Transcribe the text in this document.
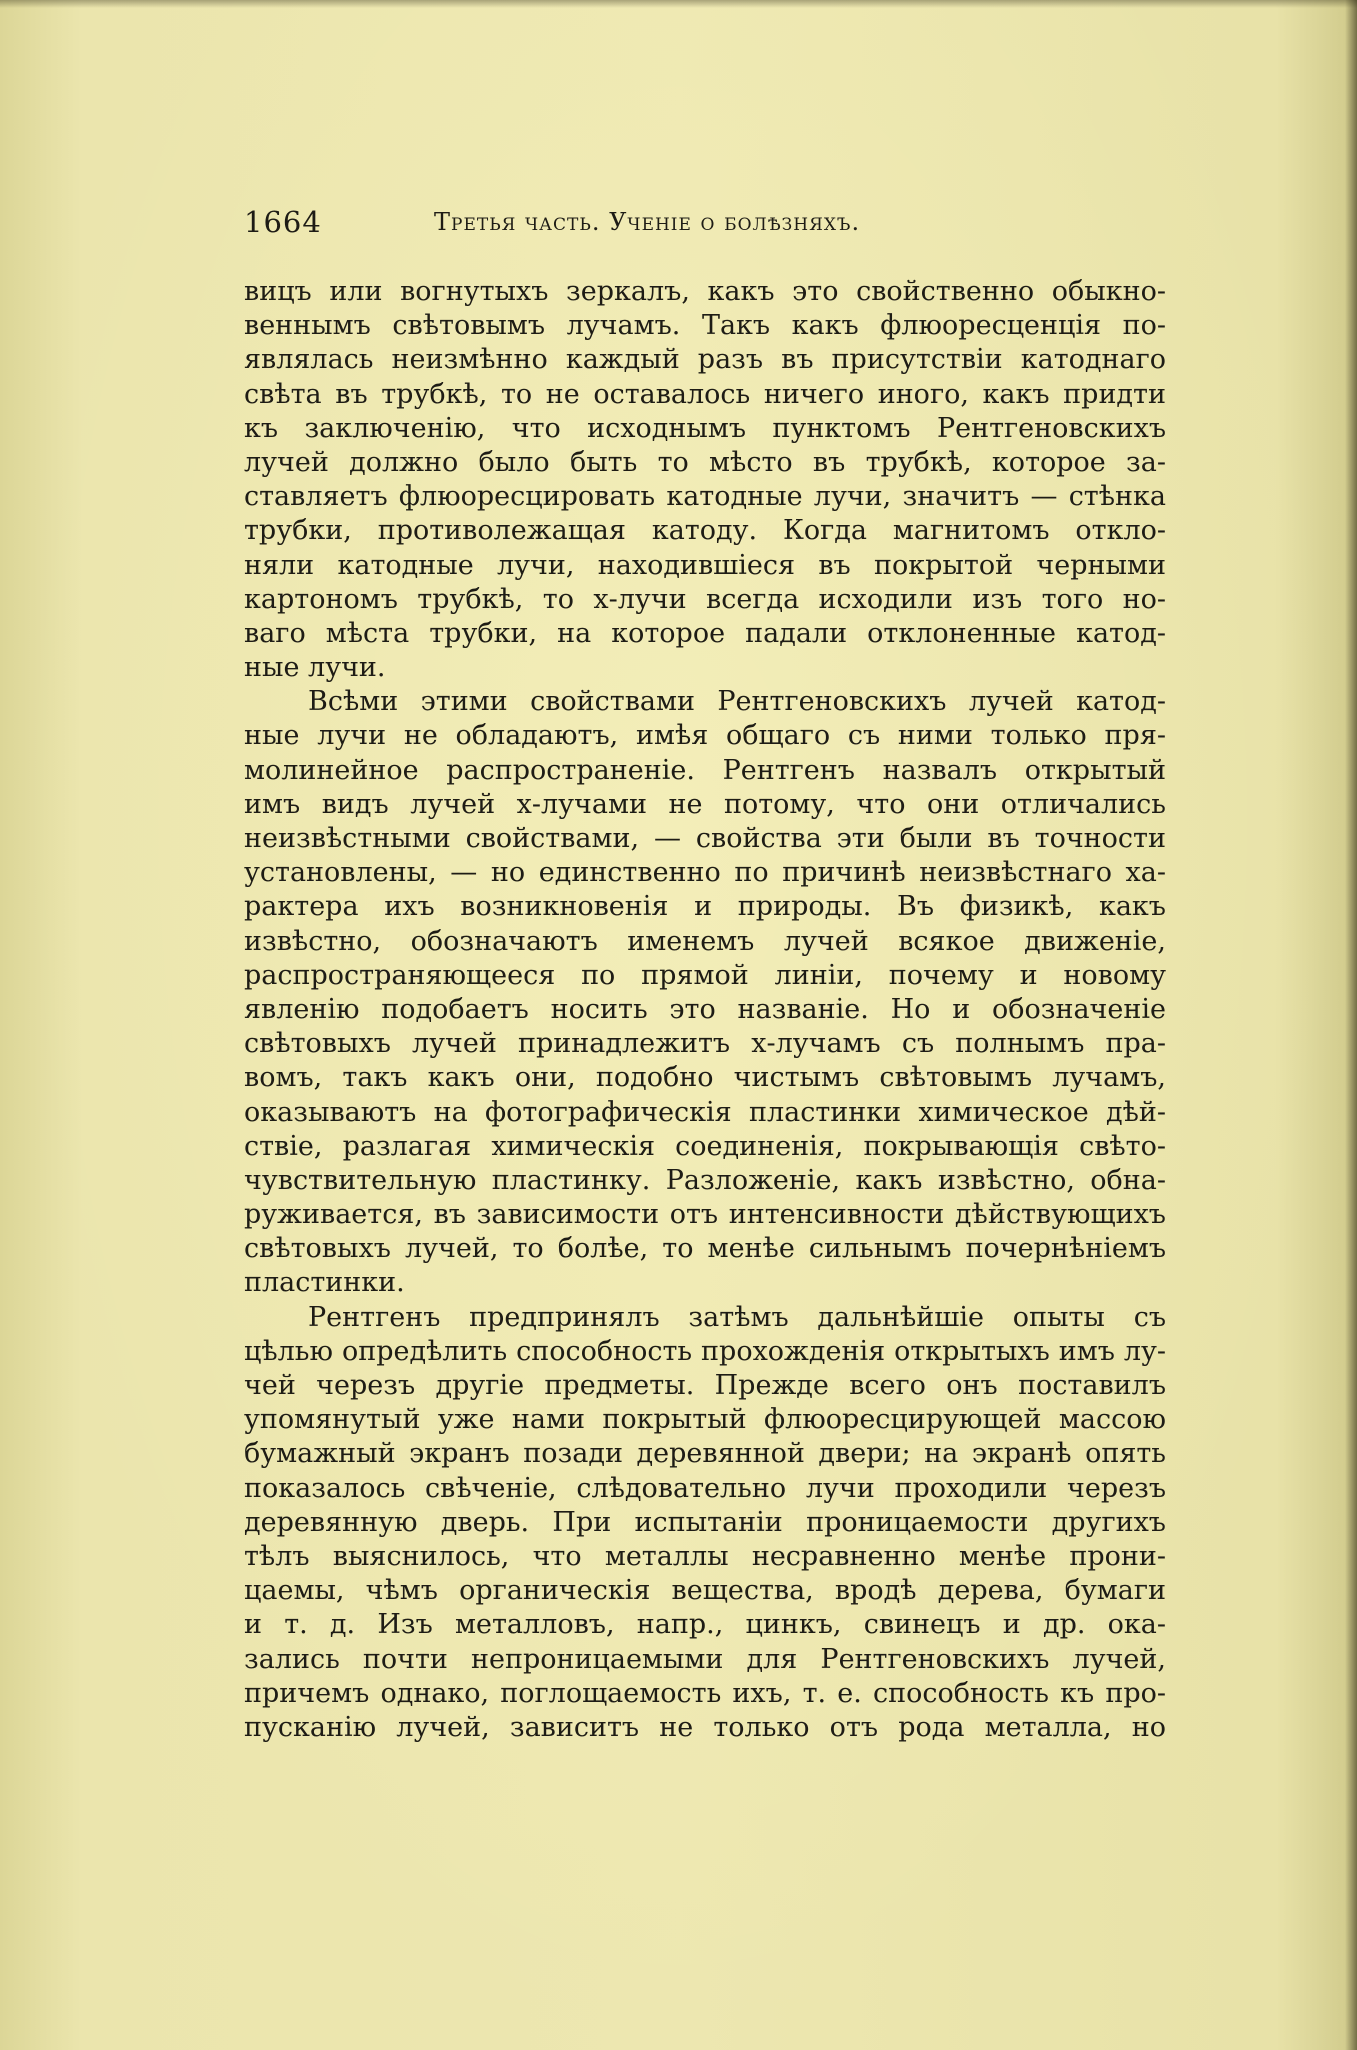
1664	Третья часть. Ученiе о болѣзняхъ.
вицъ или вогнутыхъ зеркалъ, какъ это свойственно обыкно-
веннымъ свѣтовымъ лучамъ. Такъ какъ флюоресценцiя по-
являлась неизмѣнно каждый разъ въ присутствiи катоднаго
свѣта въ трубкѣ, то не оставалось ничего иного, какъ придти
къ заключенiю, что исходнымъ пунктомъ Рентгеновскихъ
лучей должно было быть то мѣсто въ трубкѣ, которое за-
ставляетъ флюоресцировать катодные лучи, значитъ — стѣнка
трубки, противолежащая катоду. Когда магнитомъ откло-
няли катодные лучи, находившiеся въ покрытой черными
картономъ трубкѣ, то х-лучи всегда исходили изъ того но-
ваго мѣста трубки, на которое падали отклоненные катод-
ные лучи.
Всѣми этими свойствами Рентгеновскихъ лучей катод-
ные лучи не обладаютъ, имѣя общаго съ ними только пря-
молинейное распространенiе. Рентгенъ назвалъ открытый
имъ видъ лучей х-лучами не потому, что они отличались
неизвѣстными свойствами, — свойства эти были въ точности
установлены, — но единственно по причинѣ неизвѣстнаго ха-
рактера ихъ возникновенiя и природы. Въ физикѣ, какъ
извѣстно, обозначаютъ именемъ лучей всякое движенiе,
распространяющееся по прямой линiи, почему и новому
явленiю подобаетъ носить это названiе. Но и обозначенiе
свѣтовыхъ лучей принадлежитъ х-лучамъ съ полнымъ пра-
вомъ, такъ какъ они, подобно чистымъ свѣтовымъ лучамъ,
оказываютъ на фотографическiя пластинки химическое дѣй-
ствiе, разлагая химическiя соединенiя, покрывающiя свѣто-
чувствительную пластинку. Разложенiе, какъ извѣстно, обна-
руживается, въ зависимости отъ интенсивности дѣйствующихъ
свѣтовыхъ лучей, то болѣе, то менѣе сильнымъ почернѣнiемъ
пластинки.
Рентгенъ предпринялъ затѣмъ дальнѣйшiе опыты съ
цѣлью опредѣлить способность прохожденiя открытыхъ имъ лу-
чей черезъ другiе предметы. Прежде всего онъ поставилъ
упомянутый уже нами покрытый флюоресцирующей массою
бумажный экранъ позади деревянной двери; на экранѣ опять
показалось свѣченiе, слѣдовательно лучи проходили черезъ
деревянную дверь. При испытанiи проницаемости другихъ
тѣлъ выяснилось, что металлы несравненно менѣе прони-
цаемы, чѣмъ органическiя вещества, вродѣ дерева, бумаги
и т. д. Изъ металловъ, напр., цинкъ, свинецъ и др. ока-
зались почти непроницаемыми для Рентгеновскихъ лучей,
причемъ однако, поглощаемость ихъ, т. е. способность къ про-
пусканiю лучей, зависитъ не только отъ рода металла, но
